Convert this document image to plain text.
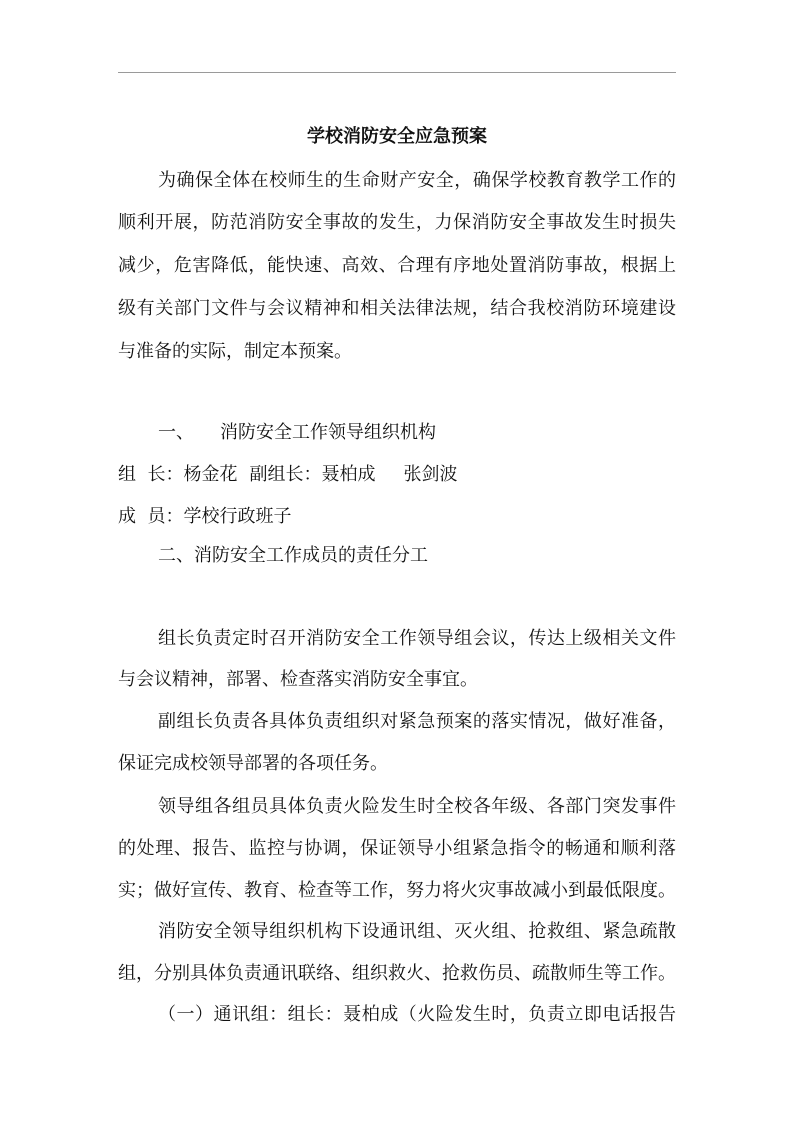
学校消防安全应急预案
为确保全体在校师生的生命财产安全，确保学校教育教学工作的
顺利开展，防范消防安全事故的发生，力保消防安全事故发生时损失
减少，危害降低，能快速、高效、合理有序地处置消防事故，根据上
级有关部门文件与会议精神和相关法律法规，结合我校消防环境建设
与准备的实际，制定本预案。
一、 消防安全工作领导组织机构
组  长：杨金花 副组长：聂柏成 张剑波
成  员：学校行政班子
二、消防安全工作成员的责任分工
组长负责定时召开消防安全工作领导组会议，传达上级相关文件
与会议精神，部署、检查落实消防安全事宜。
副组长负责各具体负责组织对紧急预案的落实情况，做好准备，
保证完成校领导部署的各项任务。
领导组各组员具体负责火险发生时全校各年级、各部门突发事件
的处理、报告、监控与协调，保证领导小组紧急指令的畅通和顺利落
实；做好宣传、教育、检查等工作，努力将火灾事故减小到最低限度。
消防安全领导组织机构下设通讯组、灭火组、抢救组、紧急疏散
组，分别具体负责通讯联络、组织救火、抢救伤员、疏散师生等工作。
（一）通讯组：组长：聂柏成（火险发生时，负责立即电话报告
